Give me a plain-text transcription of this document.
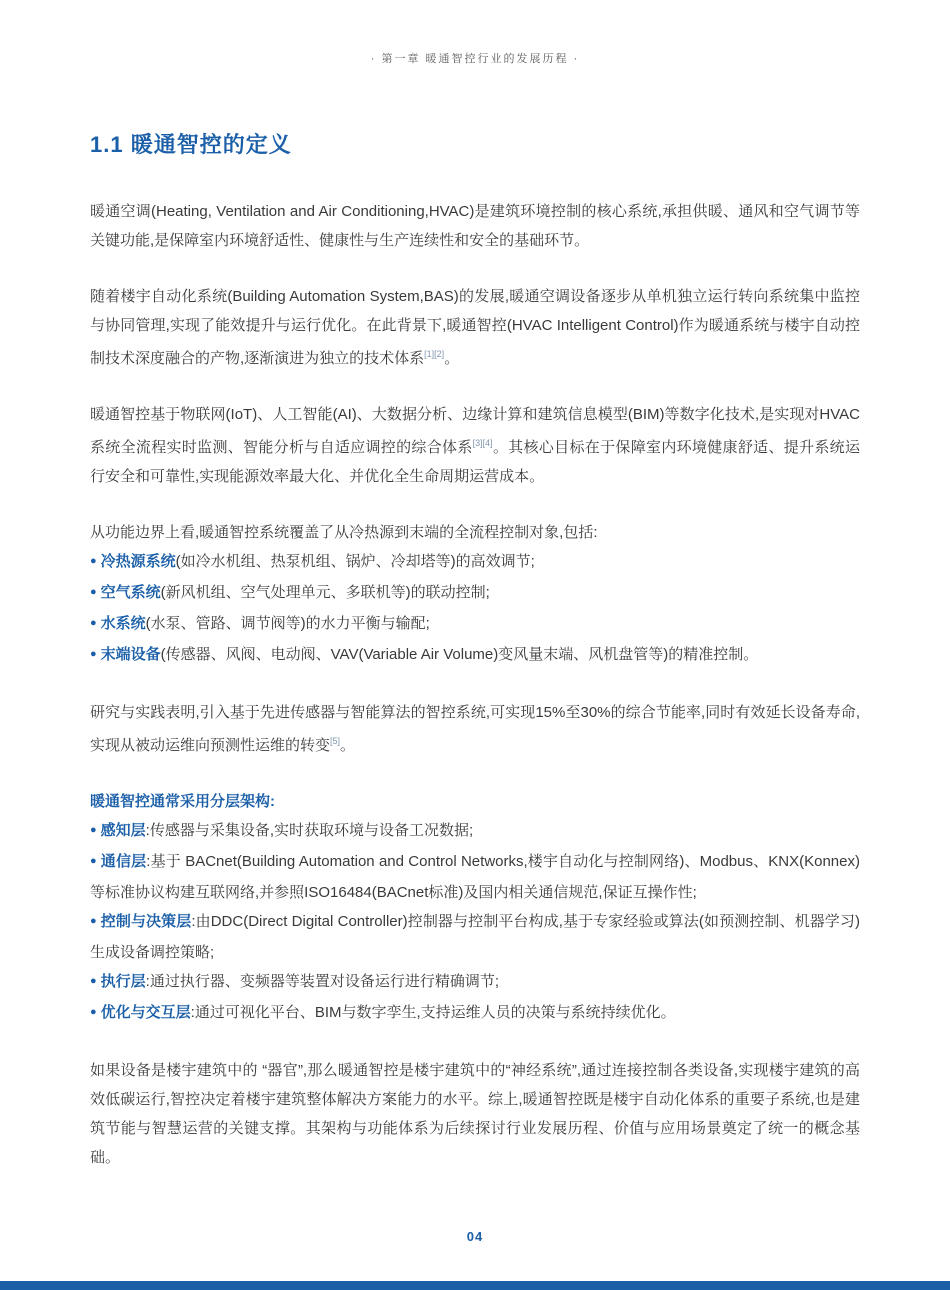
· 第一章 暖通智控行业的发展历程 ·
1.1 暖通智控的定义

暖通空调(Heating, Ventilation and Air Conditioning,HVAC)是建筑环境控制的核心系统,承担供暖、通风和空气调节等关键功能,是保障室内环境舒适性、健康性与生产连续性和安全的基础环节。

随着楼宇自动化系统(Building Automation System,BAS)的发展,暖通空调设备逐步从单机独立运行转向系统集中监控与协同管理,实现了能效提升与运行优化。在此背景下,暖通智控(HVAC Intelligent Control)作为暖通系统与楼宇自动控制技术深度融合的产物,逐渐演进为独立的技术体系[1][2]。

暖通智控基于物联网(IoT)、人工智能(AI)、大数据分析、边缘计算和建筑信息模型(BIM)等数字化技术,是实现对HVAC系统全流程实时监测、智能分析与自适应调控的综合体系[3][4]。其核心目标在于保障室内环境健康舒适、提升系统运行安全和可靠性,实现能源效率最大化、并优化全生命周期运营成本。

从功能边界上看,暖通智控系统覆盖了从冷热源到末端的全流程控制对象,包括:

● 冷热源系统(如冷水机组、热泵机组、锅炉、冷却塔等)的高效调节;

● 空气系统(新风机组、空气处理单元、多联机等)的联动控制;

● 水系统(水泵、管路、调节阀等)的水力平衡与输配;

● 末端设备(传感器、风阀、电动阀、VAV(Variable Air Volume)变风量末端、风机盘管等)的精准控制。

研究与实践表明,引入基于先进传感器与智能算法的智控系统,可实现15%至30%的综合节能率,同时有效延长设备寿命,实现从被动运维向预测性运维的转变[5]。

暖通智控通常采用分层架构:

● 感知层:传感器与采集设备,实时获取环境与设备工况数据;

● 通信层:基于 BACnet(Building Automation and Control Networks,楼宇自动化与控制网络)、Modbus、KNX(Konnex) 等标准协议构建互联网络,并参照ISO16484(BACnet标准)及国内相关通信规范,保证互操作性;

● 控制与决策层:由DDC(Direct Digital Controller)控制器与控制平台构成,基于专家经验或算法(如预测控制、机器学习)生成设备调控策略;

● 执行层:通过执行器、变频器等装置对设备运行进行精确调节;

● 优化与交互层:通过可视化平台、BIM与数字孪生,支持运维人员的决策与系统持续优化。

如果设备是楼宇建筑中的 “器官”,那么暖通智控是楼宇建筑中的“神经系统”,通过连接控制各类设备,实现楼宇建筑的高效低碳运行,智控决定着楼宇建筑整体解决方案能力的水平。综上,暖通智控既是楼宇自动化体系的重要子系统,也是建筑节能与智慧运营的关键支撑。其架构与功能体系为后续探讨行业发展历程、价值与应用场景奠定了统一的概念基础。

04
